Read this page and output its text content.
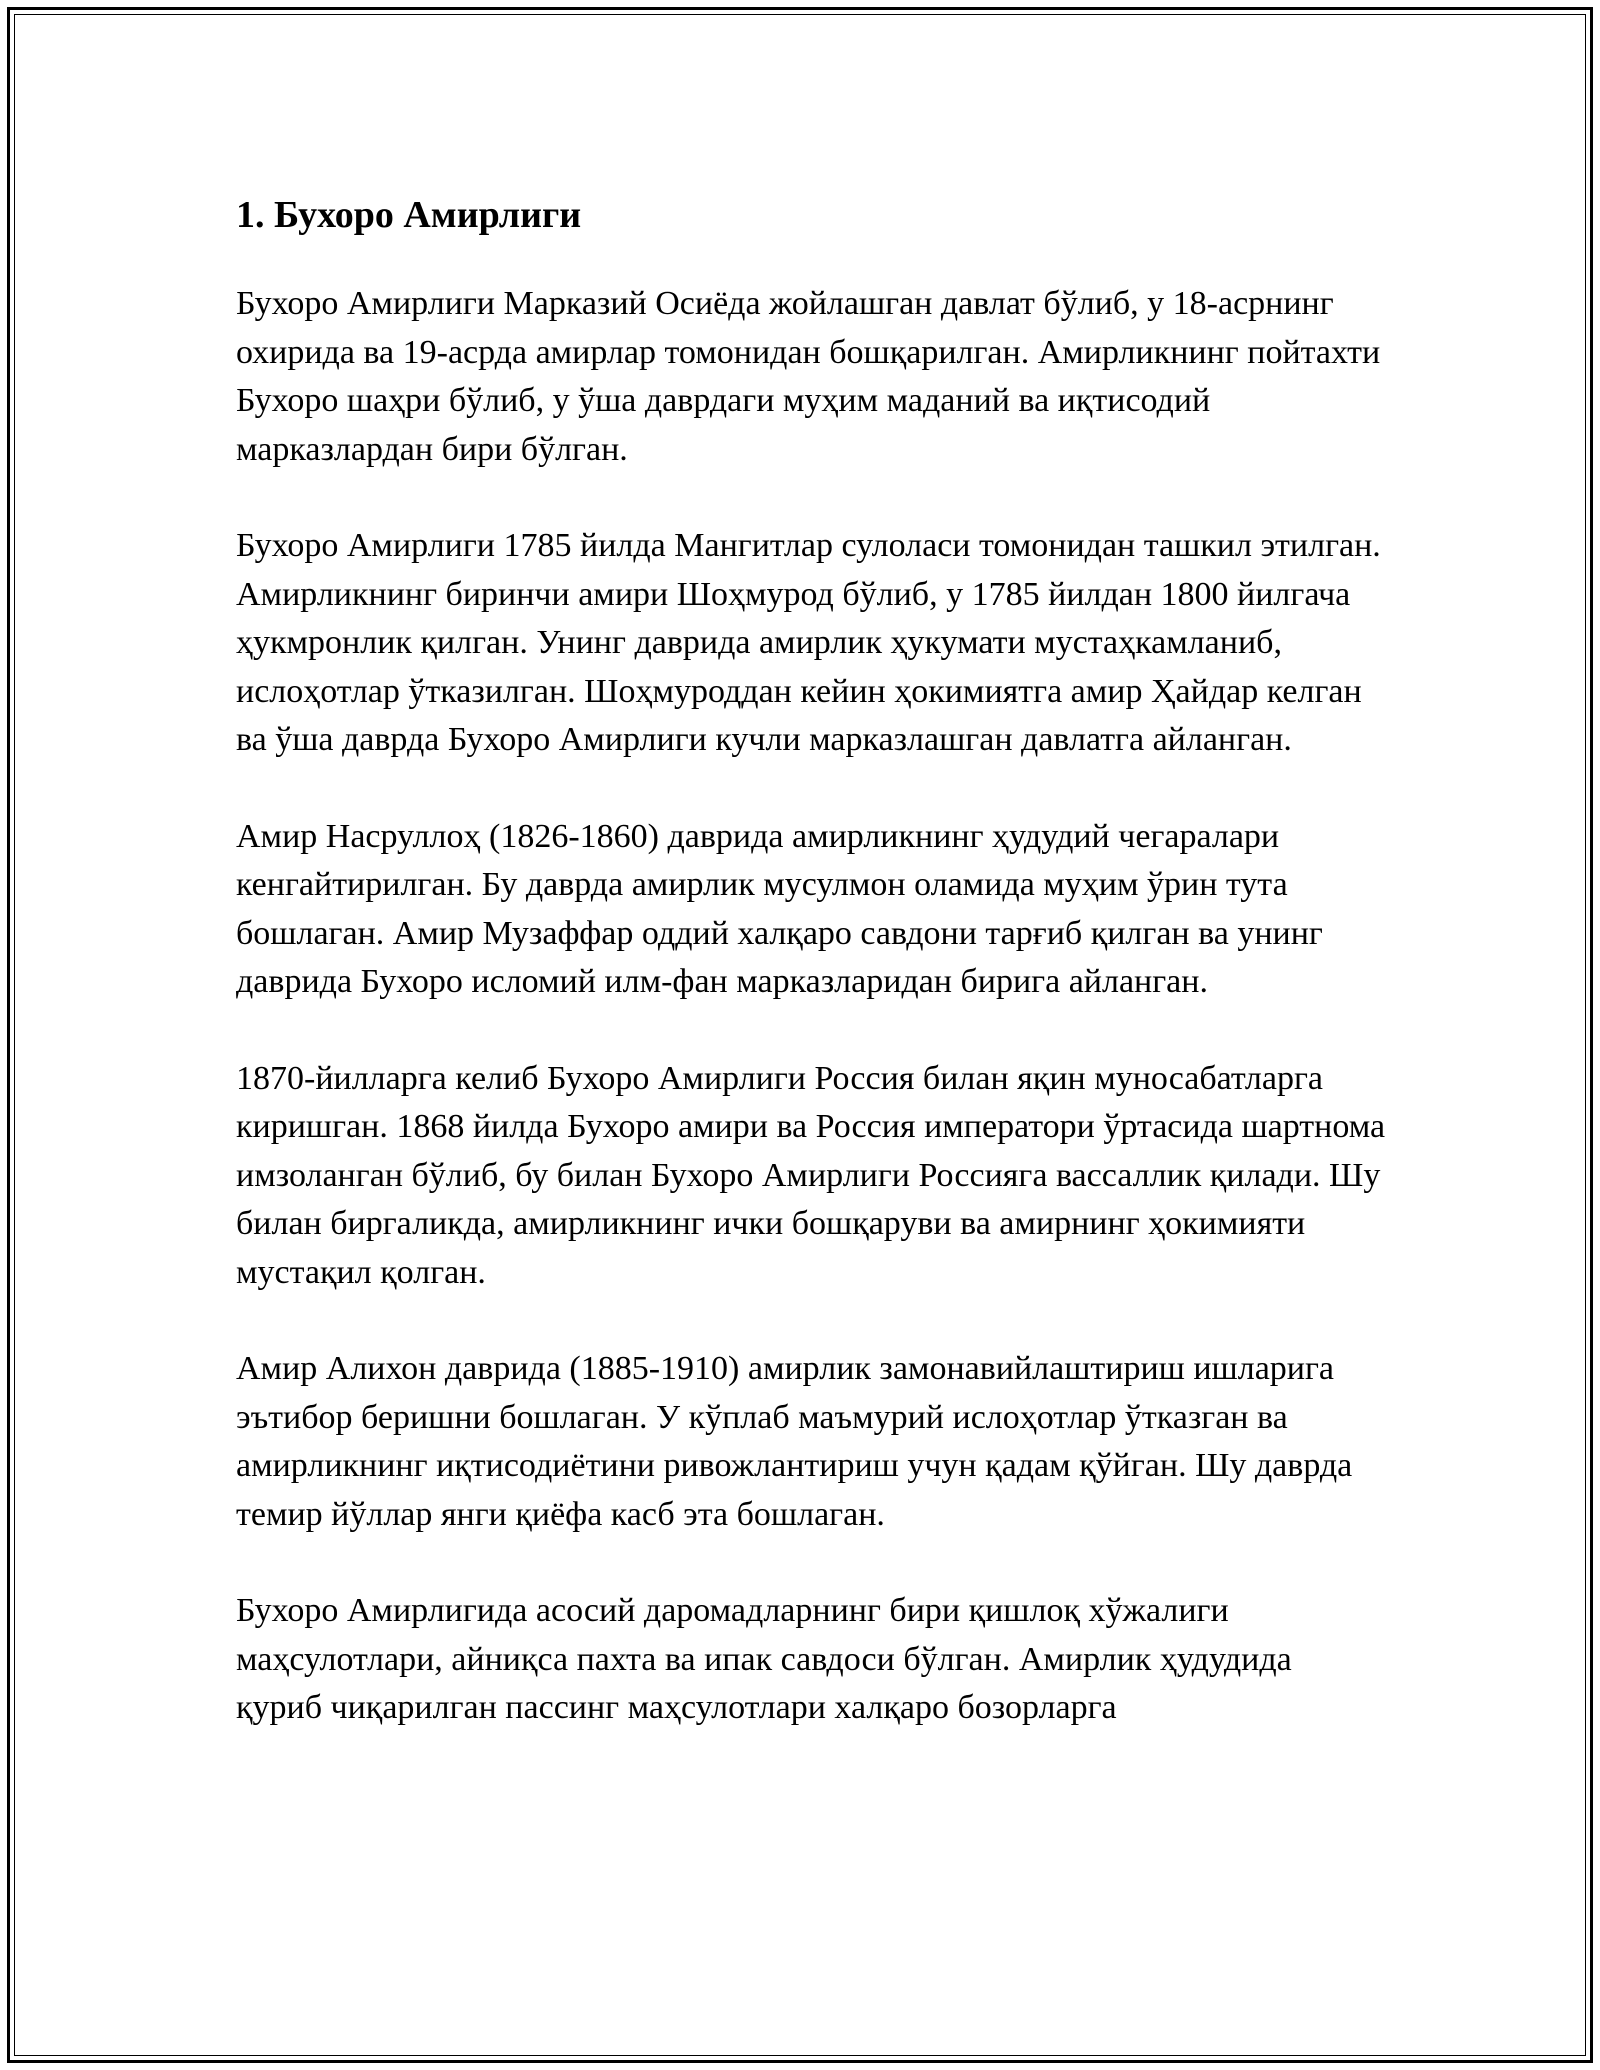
1. Бухоро Амирлиги

Бухоро Амирлиги Марказий Осиёда жойлашган давлат бўлиб, у 18-асрнинг охирида ва 19-асрда амирлар томонидан бошқарилган. Амирликнинг пойтахти Бухоро шаҳри бўлиб, у ўша даврдаги муҳим маданий ва иқтисодий марказлардан бири бўлган.

Бухоро Амирлиги 1785 йилда Мангитлар сулоласи томонидан ташкил этилган. Амирликнинг биринчи амири Шоҳмурод бўлиб, у 1785 йилдан 1800 йилгача ҳукмронлик қилган. Унинг даврида амирлик ҳукумати мустаҳкамланиб, ислоҳотлар ўтказилган. Шоҳмуроддан кейин ҳокимиятга амир Ҳайдар келган ва ўша даврда Бухоро Амирлиги кучли марказлашган давлатга айланган.

Амир Насруллоҳ (1826-1860) даврида амирликнинг ҳудудий чегаралари кенгайтирилган. Бу даврда амирлик мусулмон оламида муҳим ўрин тута бошлаган. Амир Музаффар оддий халқаро савдони тарғиб қилган ва унинг даврида Бухоро исломий илм-фан марказларидан бирига айланган.

1870-йилларга келиб Бухоро Амирлиги Россия билан яқин муносабатларга киришган. 1868 йилда Бухоро амири ва Россия императори ўртасида шартнома имзоланган бўлиб, бу билан Бухоро Амирлиги Россияга вассаллик қилади. Шу билан биргаликда, амирликнинг ички бошқаруви ва амирнинг ҳокимияти мустақил қолган.

Амир Алихон даврида (1885-1910) амирлик замонавийлаштириш ишларига эътибор беришни бошлаган. У кўплаб маъмурий ислоҳотлар ўтказган ва амирликнинг иқтисодиётини ривожлантириш учун қадам қўйган. Шу даврда темир йўллар янги қиёфа касб эта бошлаган.

Бухоро Амирлигида асосий даромадларнинг бири қишлоқ хўжалиги маҳсулотлари, айниқса пахта ва ипак савдоси бўлган. Амирлик ҳудудида қуриб чиқарилган пассинг маҳсулотлари халқаро бозорларга
